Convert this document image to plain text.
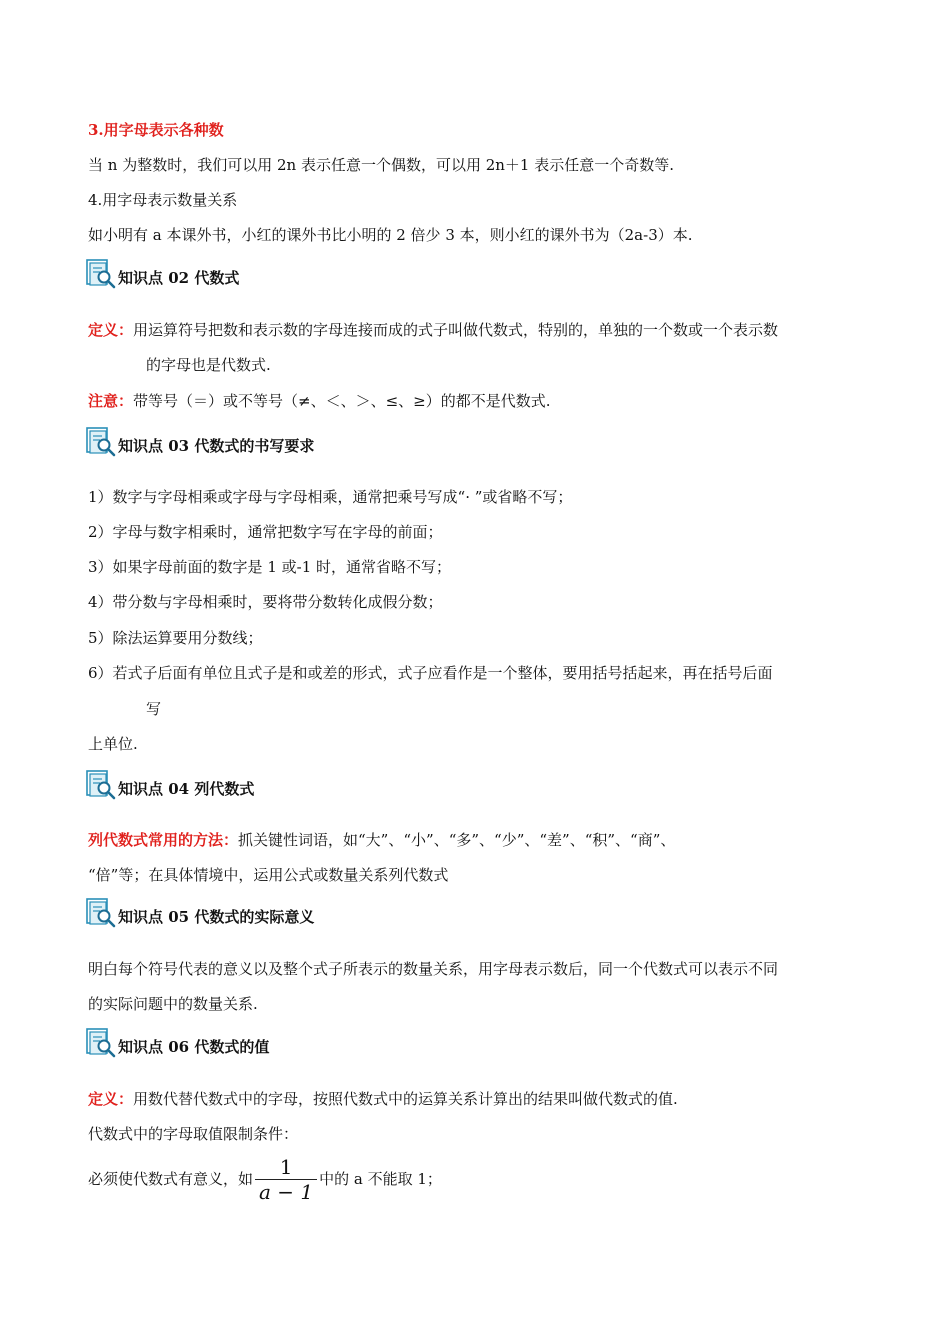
3.用字母表示各种数
当 n 为整数时，我们可以用 2n 表示任意一个偶数，可以用 2n＋1 表示任意一个奇数等.
4.用字母表示数量关系
如小明有 a 本课外书，小红的课外书比小明的 2 倍少 3 本，则小红的课外书为（2a-3）本.
知识点 02 代数式
定义：用运算符号把数和表示数的字母连接而成的式子叫做代数式，特别的，单独的一个数或一个表示数
的字母也是代数式.
注意：带等号（＝）或不等号（≠、＜、＞、≤、≥）的都不是代数式.
知识点 03 代数式的书写要求
1）数字与字母相乘或字母与字母相乘，通常把乘号写成“· ”或省略不写；
2）字母与数字相乘时，通常把数字写在字母的前面；
3）如果字母前面的数字是 1 或-1 时，通常省略不写；
4）带分数与字母相乘时，要将带分数转化成假分数；
5）除法运算要用分数线；
6）若式子后面有单位且式子是和或差的形式，式子应看作是一个整体，要用括号括起来，再在括号后面
写
上单位.
知识点 04 列代数式
列代数式常用的方法：抓关键性词语，如“大”、“小”、“多”、“少”、“差”、“积”、“商”、
“倍”等；在具体情境中，运用公式或数量关系列代数式
知识点 05 代数式的实际意义
明白每个符号代表的意义以及整个式子所表示的数量关系，用字母表示数后，同一个代数式可以表示不同
的实际问题中的数量关系.
知识点 06 代数式的值
定义：用数代替代数式中的字母，按照代数式中的运算关系计算出的结果叫做代数式的值.
代数式中的字母取值限制条件：
必须使代数式有意义，如 $\frac{1}{a - 1}$ 中的 a 不能取 1；
